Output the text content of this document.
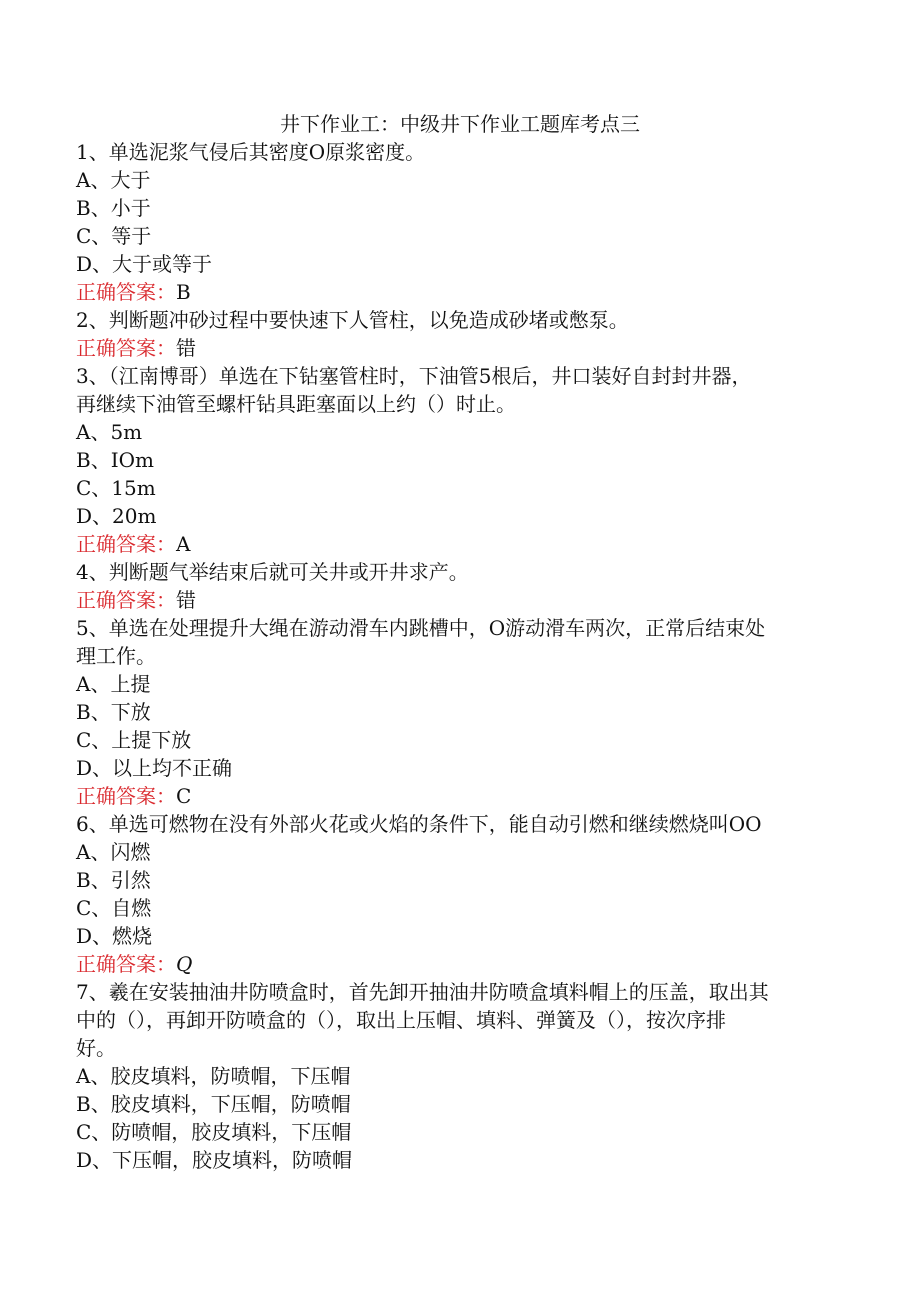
井下作业工：中级井下作业工题库考点三
1、单选泥浆气侵后其密度O原浆密度。
A、大于
B、小于
C、等于
D、大于或等于
正确答案：B
2、判断题冲砂过程中要快速下人管柱，以免造成砂堵或憋泵。
正确答案：错
3、（江南博哥）单选在下钻塞管柱时，下油管5根后，井口装好自封封井器，
再继续下油管至螺杆钻具距塞面以上约（）时止。
A、5m
B、IOm
C、15m
D、20m
正确答案：A
4、判断题气举结束后就可关井或开井求产。
正确答案：错
5、单选在处理提升大绳在游动滑车内跳槽中，O游动滑车两次，正常后结束处
理工作。
A、上提
B、下放
C、上提下放
D、以上均不正确
正确答案：C
6、单选可燃物在没有外部火花或火焰的条件下，能自动引燃和继续燃烧叫OO
A、闪燃
B、引然
C、自燃
D、燃烧
正确答案：Q
7、羲在安装抽油井防喷盒时，首先卸开抽油井防喷盒填料帽上的压盖，取出其
中的（），再卸开防喷盒的（），取出上压帽、填料、弹簧及（），按次序排
好。
A、胶皮填料，防喷帽，下压帽
B、胶皮填料，下压帽，防喷帽
C、防喷帽，胶皮填料，下压帽
D、下压帽，胶皮填料，防喷帽
